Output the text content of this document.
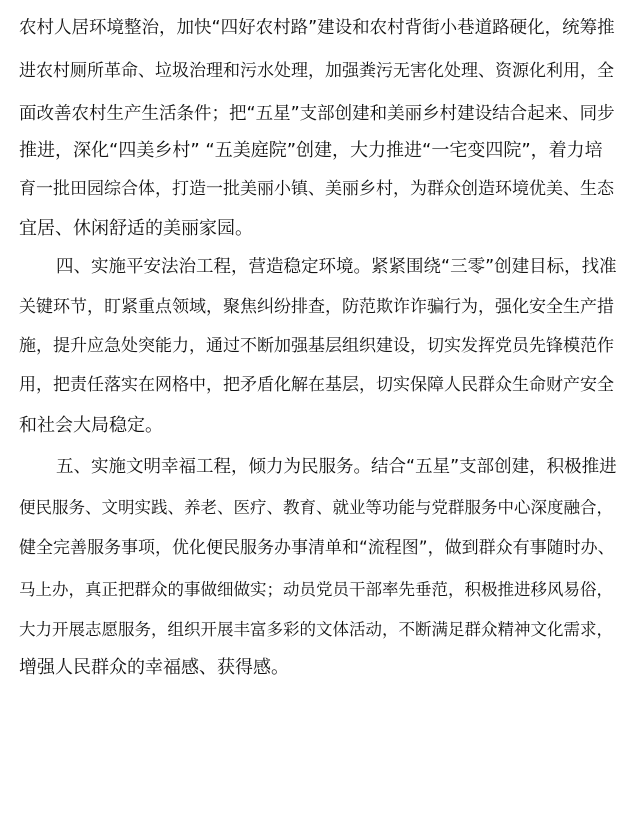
农村人居环境整治，加快“四好农村路”建设和农村背街小巷道路硬化，统筹推
进农村厕所革命、垃圾治理和污水处理，加强粪污无害化处理、资源化利用，全
面改善农村生产生活条件；把“五星”支部创建和美丽乡村建设结合起来、同步
推进，深化“四美乡村” “五美庭院”创建，大力推进“一宅变四院”，着力培
育一批田园综合体，打造一批美丽小镇、美丽乡村，为群众创造环境优美、生态
宜居、休闲舒适的美丽家园。
四、实施平安法治工程，营造稳定环境。紧紧围绕“三零”创建目标，找准
关键环节，盯紧重点领域，聚焦纠纷排查，防范欺诈诈骗行为，强化安全生产措
施，提升应急处突能力，通过不断加强基层组织建设，切实发挥党员先锋模范作
用，把责任落实在网格中，把矛盾化解在基层，切实保障人民群众生命财产安全
和社会大局稳定。
五、实施文明幸福工程，倾力为民服务。结合“五星”支部创建，积极推进
便民服务、文明实践、养老、医疗、教育、就业等功能与党群服务中心深度融合，
健全完善服务事项，优化便民服务办事清单和“流程图”，做到群众有事随时办、
马上办，真正把群众的事做细做实；动员党员干部率先垂范，积极推进移风易俗，
大力开展志愿服务，组织开展丰富多彩的文体活动，不断满足群众精神文化需求，
增强人民群众的幸福感、获得感。
